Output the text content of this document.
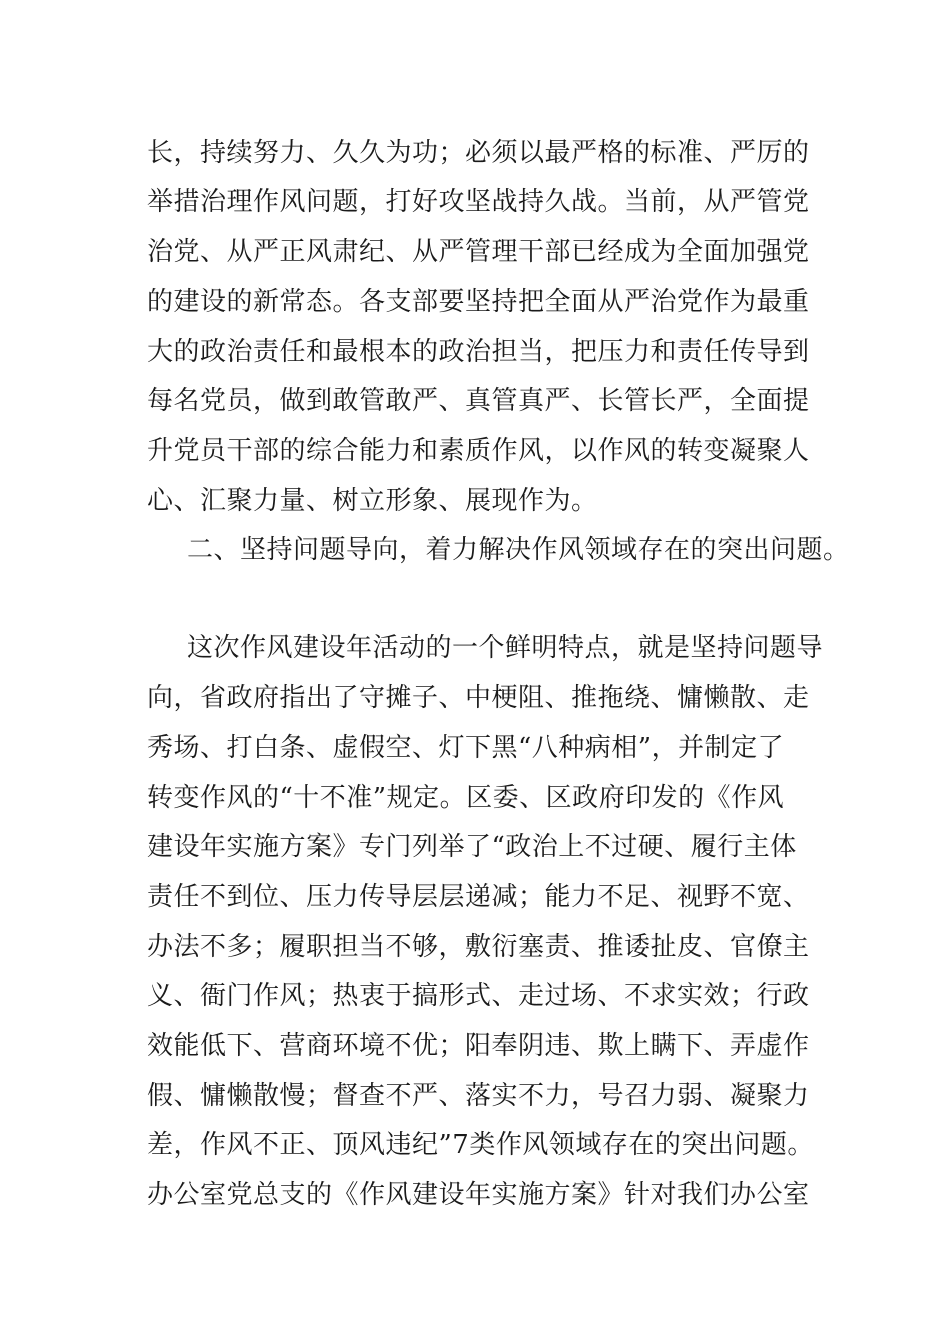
长，持续努力、久久为功；必须以最严格的标准、严厉的
举措治理作风问题，打好攻坚战持久战。当前，从严管党
治党、从严正风肃纪、从严管理干部已经成为全面加强党
的建设的新常态。各支部要坚持把全面从严治党作为最重
大的政治责任和最根本的政治担当，把压力和责任传导到
每名党员，做到敢管敢严、真管真严、长管长严，全面提
升党员干部的综合能力和素质作风，以作风的转变凝聚人
心、汇聚力量、树立形象、展现作为。
二、坚持问题导向，着力解决作风领域存在的突出问题。
这次作风建设年活动的一个鲜明特点，就是坚持问题导
向，省政府指出了守摊子、中梗阻、推拖绕、慵懒散、走
秀场、打白条、虚假空、灯下黑“八种病相”，并制定了
转变作风的“十不准”规定。区委、区政府印发的《作风
建设年实施方案》专门列举了“政治上不过硬、履行主体
责任不到位、压力传导层层递减；能力不足、视野不宽、
办法不多；履职担当不够，敷衍塞责、推诿扯皮、官僚主
义、衙门作风；热衷于搞形式、走过场、不求实效；行政
效能低下、营商环境不优；阳奉阴违、欺上瞒下、弄虚作
假、慵懒散慢；督查不严、落实不力，号召力弱、凝聚力
差，作风不正、顶风违纪”7类作风领域存在的突出问题。
办公室党总支的《作风建设年实施方案》针对我们办公室
